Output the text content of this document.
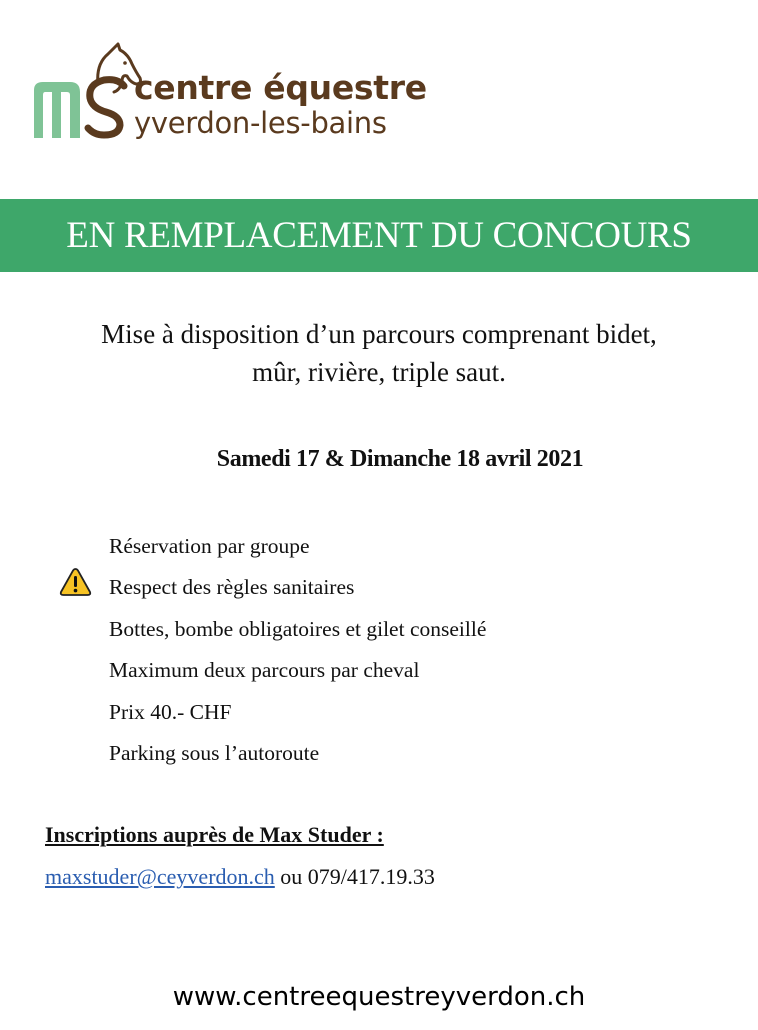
centre équestre
yverdon-les-bains
EN REMPLACEMENT DU CONCOURS
Mise à disposition d’un parcours comprenant bidet,
mûr, rivière, triple saut.
Samedi 17 & Dimanche 18 avril 2021
Réservation par groupe
Respect des règles sanitaires
Bottes, bombe obligatoires et gilet conseillé
Maximum deux parcours par cheval
Prix 40.- CHF
Parking sous l’autoroute
Inscriptions auprès de Max Studer :
maxstuder@ceyverdon.ch ou 079/417.19.33
www.centreequestreyverdon.ch
